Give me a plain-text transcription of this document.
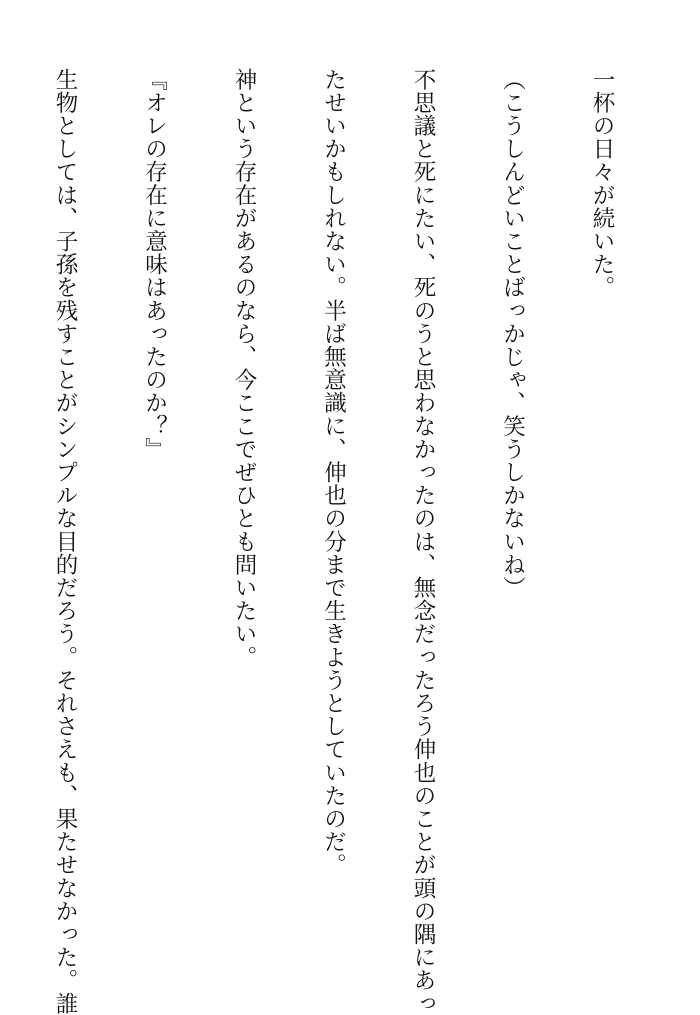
一杯の日々が続いた。

（こうしんどいことばっかじゃ、笑うしかないね）

不思議と死にたい、死のうと思わなかったのは、無念だったろう伸也のことが頭の隅にあっ

たせいかもしれない。半ば無意識に、伸也の分まで生きようとしていたのだ。

神という存在があるのなら、今ここでぜひとも問いたい。

『オレの存在に意味はあったのか？』

生物としては、子孫を残すことがシンプルな目的だろう。それさえも、果たせなかった。誰
